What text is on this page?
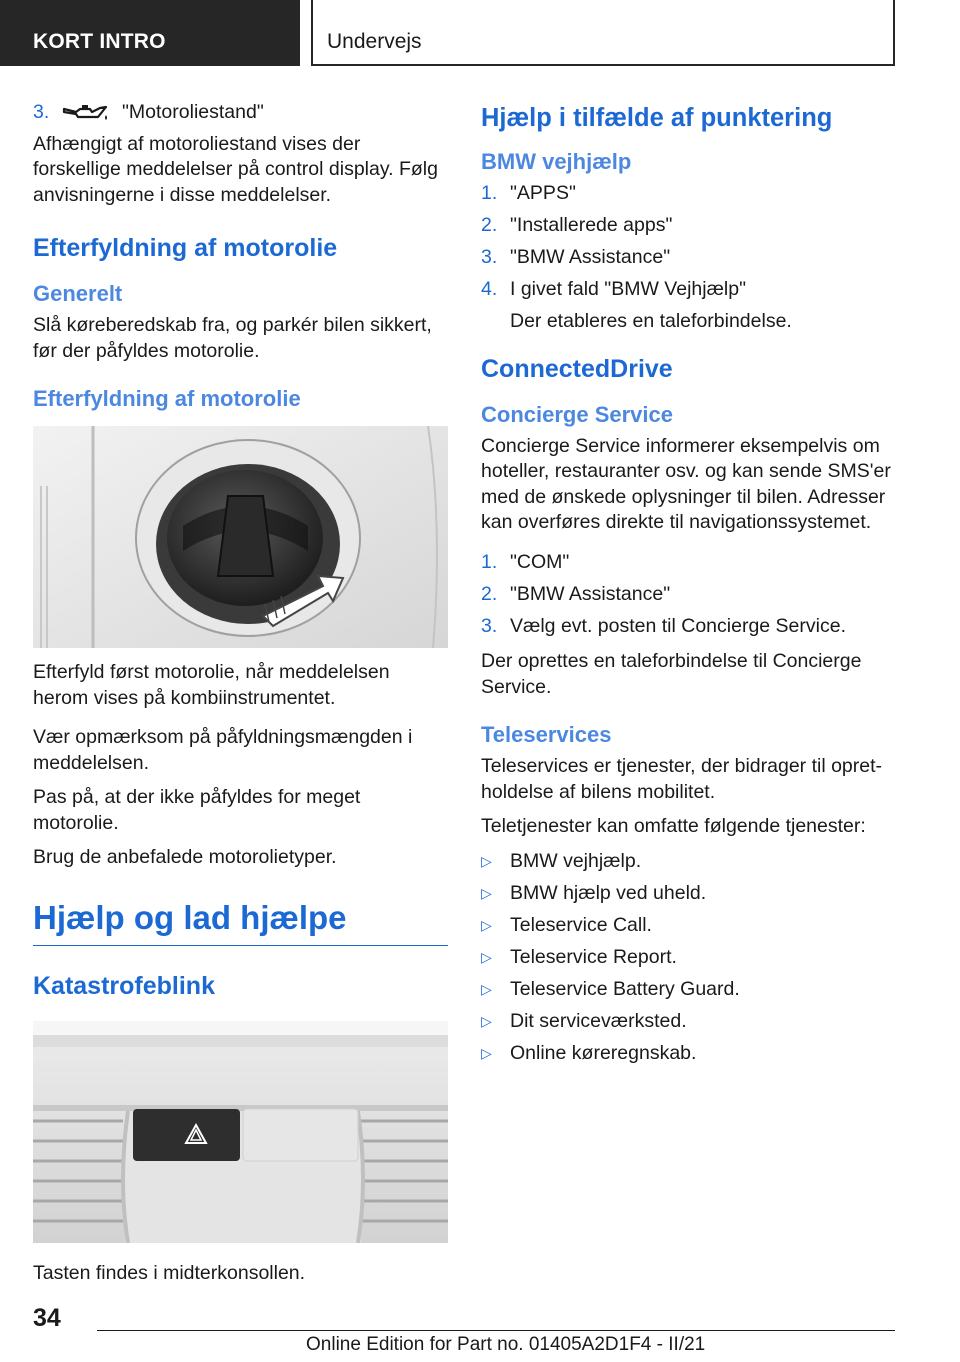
KORT INTRO	Undervejs
3.	"Motoroliestand"

Afhængigt af motoroliestand vises der forskellige meddelelser på control display. Følg anvisningerne i disse meddelelser.

Efterfyldning af motorolie
Generelt

Slå køreberedskab fra, og parkér bilen sikkert, før der påfyldes motorolie.

Efterfyldning af motorolie

Efterfyld først motorolie, når meddelelsen herom vises på kombiinstrumentet.

Vær opmærksom på påfyldningsmængden i meddelelsen.

Pas på, at der ikke påfyldes for meget motorolie.

Brug de anbefalede motorolietyper.

Hjælp og lad hjælpe
Katastrofeblink

Tasten findes i midterkonsollen.

Hjælp i tilfælde af punktering
BMW vejhjælp
1. "APPS"
2. "Installerede apps"
3. "BMW Assistance"
4. I givet fald "BMW Vejhjælp"
Der etableres en taleforbindelse.
ConnectedDrive
Concierge Service

Concierge Service informerer eksempelvis om hoteller, restauranter osv. og kan sende SMS'er med de ønskede oplysninger til bilen. Adresser kan overføres direkte til navigationssystemet.

1. "COM"
2. "BMW Assistance"
3. Vælg evt. posten til Concierge Service.

Der oprettes en taleforbindelse til Concierge Service.

Teleservices

Teleservices er tjenester, der bidrager til opretholdelse af bilens mobilitet.

Teletjenester kan omfatte følgende tjenester:

▷ BMW vejhjælp.
▷ BMW hjælp ved uheld.
▷ Teleservice Call.
▷ Teleservice Report.
▷ Teleservice Battery Guard.
▷ Dit serviceværksted.
▷ Online køreregnskab.
34
Online Edition for Part no. 01405A2D1F4 - II/21
